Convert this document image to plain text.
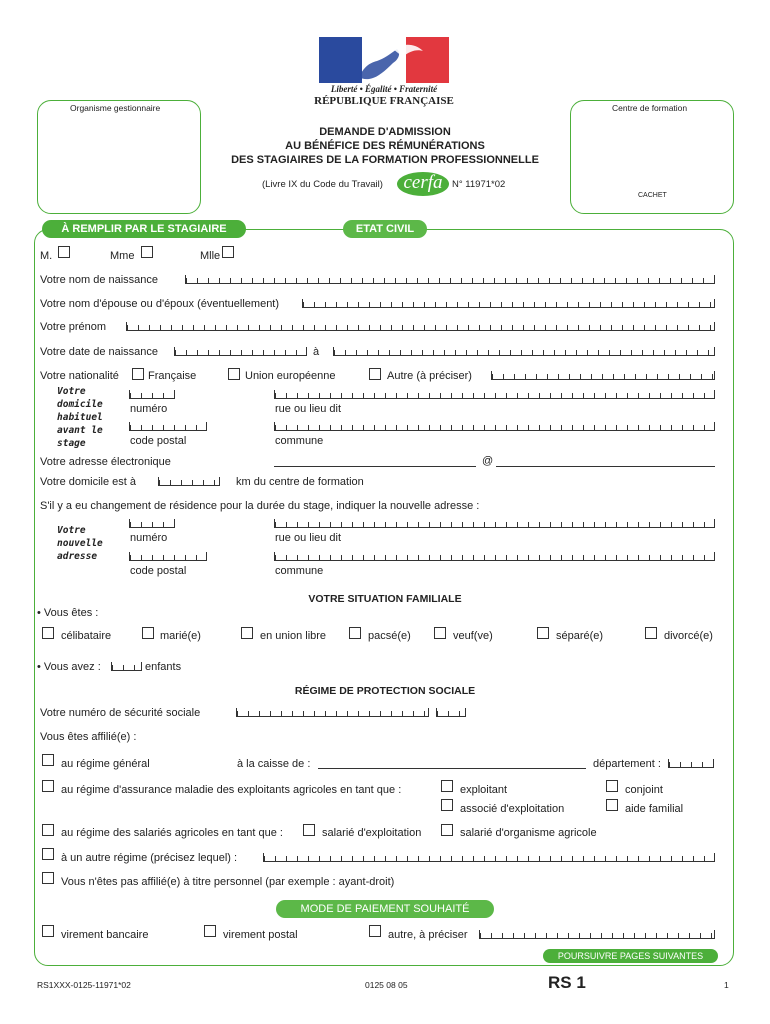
Liberté • Égalité • Fraternité
RÉPUBLIQUE FRANÇAISE
Organisme gestionnaire	Centre de formation
CACHET
DEMANDE D'ADMISSION
AU BÉNÉFICE DES RÉMUNÉRATIONS
DES STAGIAIRES DE LA FORMATION PROFESSIONNELLE
(Livre IX du Code du Travail)	cerfa N° 11971*02
À REMPLIR PAR LE STAGIAIRE	ETAT CIVIL
M.	Mme	Mlle
Votre nom de naissance
Votre nom d'épouse ou d'époux (éventuellement)
Votre prénom
Votre date de naissance	à
Votre nationalité	Française	Union européenne	Autre (à préciser)
Votre
domicile
habituel
avant le
stage
numéro	rue ou lieu dit
code postal	commune
Votre adresse électronique	@
Votre domicile est à	km du centre de formation
S'il y a eu changement de résidence pour la durée du stage, indiquer la nouvelle adresse :
Votre
nouvelle
adresse
numéro	rue ou lieu dit
code postal	commune
VOTRE SITUATION FAMILIALE
• Vous êtes :
célibataire	marié(e)	en union libre	pacsé(e)	veuf(ve)	séparé(e)	divorcé(e)
• Vous avez :	enfants
RÉGIME DE PROTECTION SOCIALE
Votre numéro de sécurité sociale
Vous êtes affilié(e) :
au régime général	à la caisse de :	département :
au régime d'assurance maladie des exploitants agricoles en tant que :	exploitant	conjoint
associé d'exploitation	aide familial
au régime des salariés agricoles en tant que :	salarié d'exploitation	salarié d'organisme agricole
à un autre régime (précisez lequel) :
Vous n'êtes pas affilié(e) à titre personnel (par exemple : ayant-droit)
MODE DE PAIEMENT SOUHAITÉ
virement bancaire	virement postal	autre, à préciser
POURSUIVRE PAGES SUIVANTES
RS1XXX-0125-11971*02	0125 08 05	RS 1	1
